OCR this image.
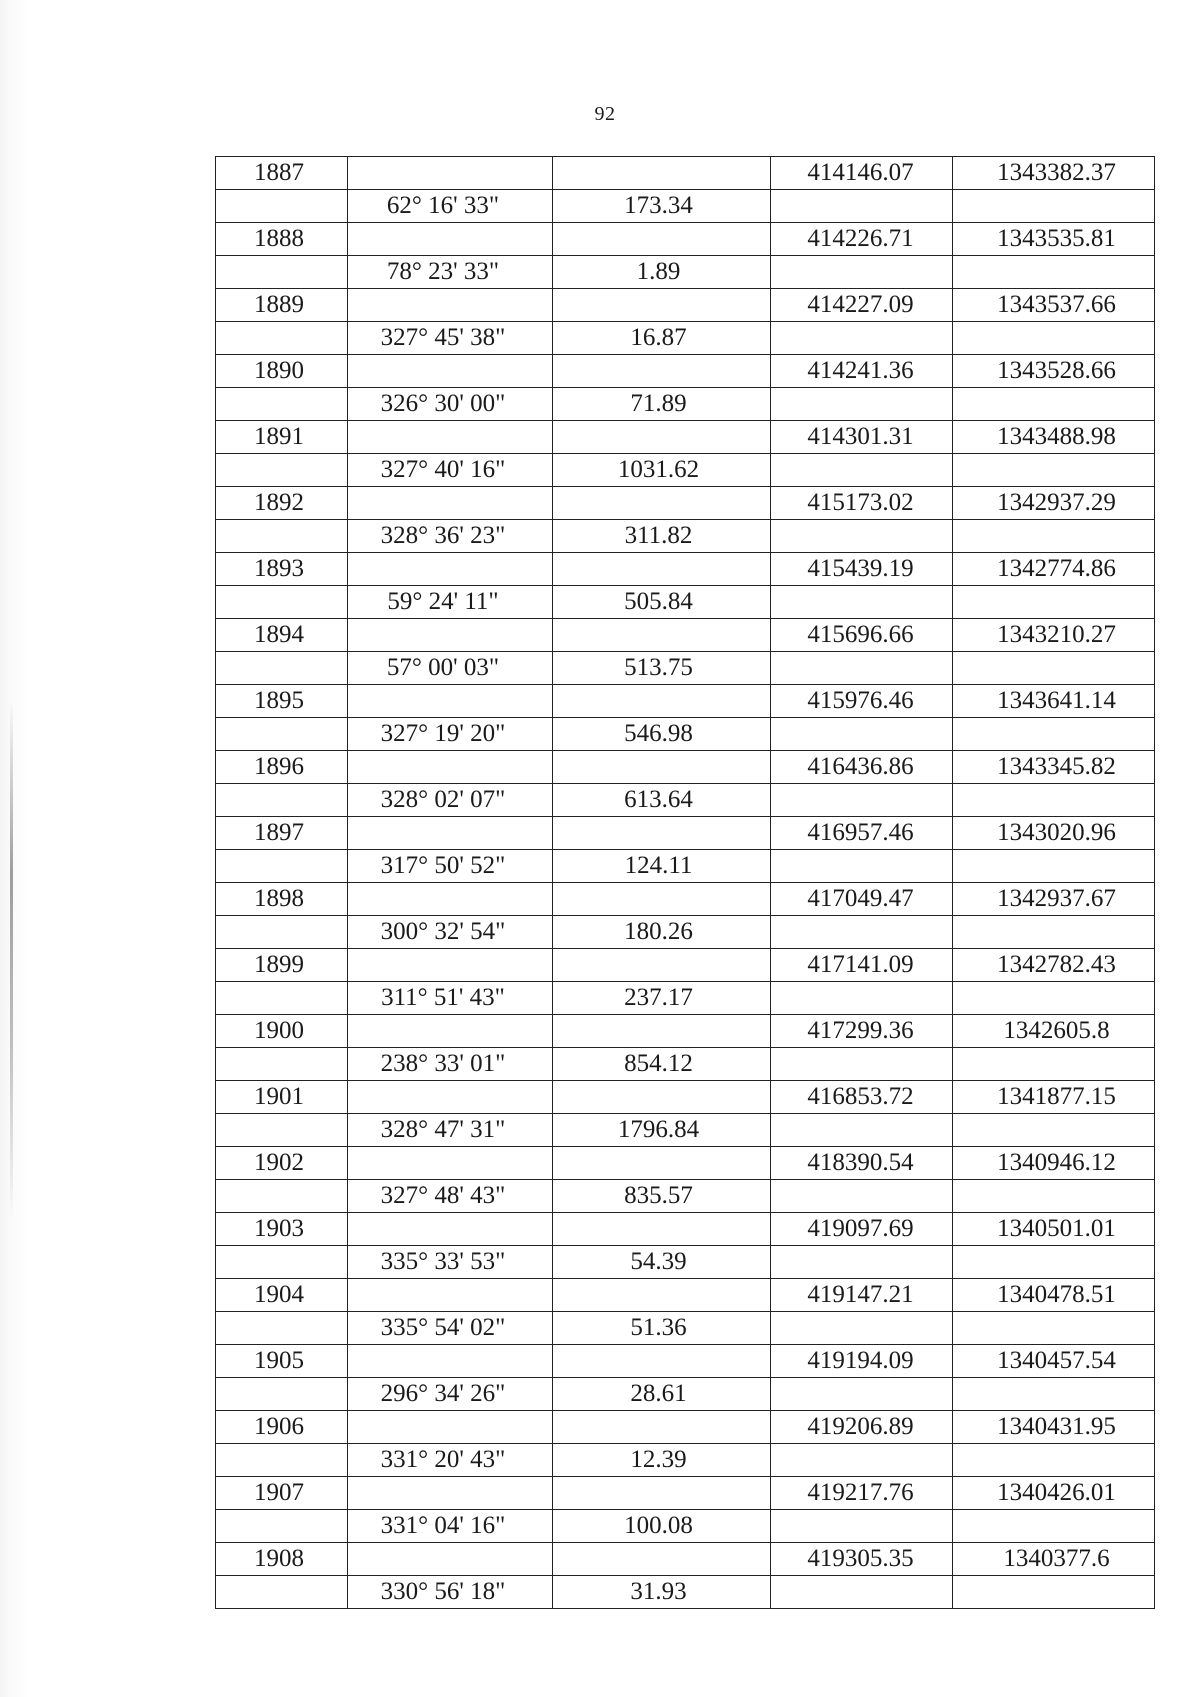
92
1887			414146.07	1343382.37
	62° 16' 33"	173.34		
1888			414226.71	1343535.81
	78° 23' 33"	1.89		
1889			414227.09	1343537.66
	327° 45' 38"	16.87		
1890			414241.36	1343528.66
	326° 30' 00"	71.89		
1891			414301.31	1343488.98
	327° 40' 16"	1031.62		
1892			415173.02	1342937.29
	328° 36' 23"	311.82		
1893			415439.19	1342774.86
	59° 24' 11"	505.84		
1894			415696.66	1343210.27
	57° 00' 03"	513.75		
1895			415976.46	1343641.14
	327° 19' 20"	546.98		
1896			416436.86	1343345.82
	328° 02' 07"	613.64		
1897			416957.46	1343020.96
	317° 50' 52"	124.11		
1898			417049.47	1342937.67
	300° 32' 54"	180.26		
1899			417141.09	1342782.43
	311° 51' 43"	237.17		
1900			417299.36	1342605.8
	238° 33' 01"	854.12		
1901			416853.72	1341877.15
	328° 47' 31"	1796.84		
1902			418390.54	1340946.12
	327° 48' 43"	835.57		
1903			419097.69	1340501.01
	335° 33' 53"	54.39		
1904			419147.21	1340478.51
	335° 54' 02"	51.36		
1905			419194.09	1340457.54
	296° 34' 26"	28.61		
1906			419206.89	1340431.95
	331° 20' 43"	12.39		
1907			419217.76	1340426.01
	331° 04' 16"	100.08		
1908			419305.35	1340377.6
	330° 56' 18"	31.93		
